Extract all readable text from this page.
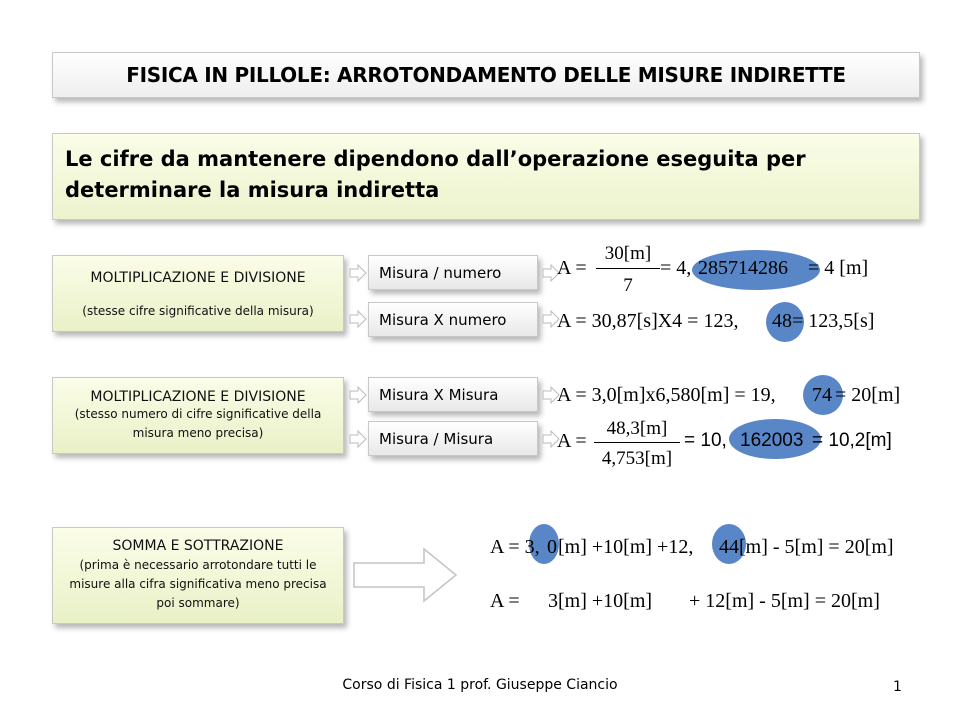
FISICA IN PILLOLE: ARROTONDAMENTO DELLE MISURE INDIRETTE
Le cifre da mantenere dipendono dall’operazione eseguita per determinare la misura indiretta
MOLTIPLICAZIONE E DIVISIONE
(stesse cifre significative della misura)
Misura / numero
Misura X numero
A =
30[m]
7
= 4, 285714286 = 4 [m]
A = 30,87[s]X4 = 123, 48 = 123,5[s]
MOLTIPLICAZIONE E DIVISIONE
(stesso numero di cifre significative della misura meno precisa)
Misura X Misura
Misura / Misura
A = 3,0[m]x6,580[m] = 19, 74 = 20[m]
A =
48,3[m]
4,753[m]
= 10, 162003 = 10,2[m]
SOMMA E SOTTRAZIONE
(prima è necessario arrotondare tutti le misure alla cifra significativa meno precisa poi sommare)
A = 3, 0 [m] +10[m] +12, 44 [m] - 5[m] = 20[m]
A = 3[m] +10[m] + 12[m] - 5[m] = 20[m]
Corso di Fisica 1 prof. Giuseppe Ciancio	1
